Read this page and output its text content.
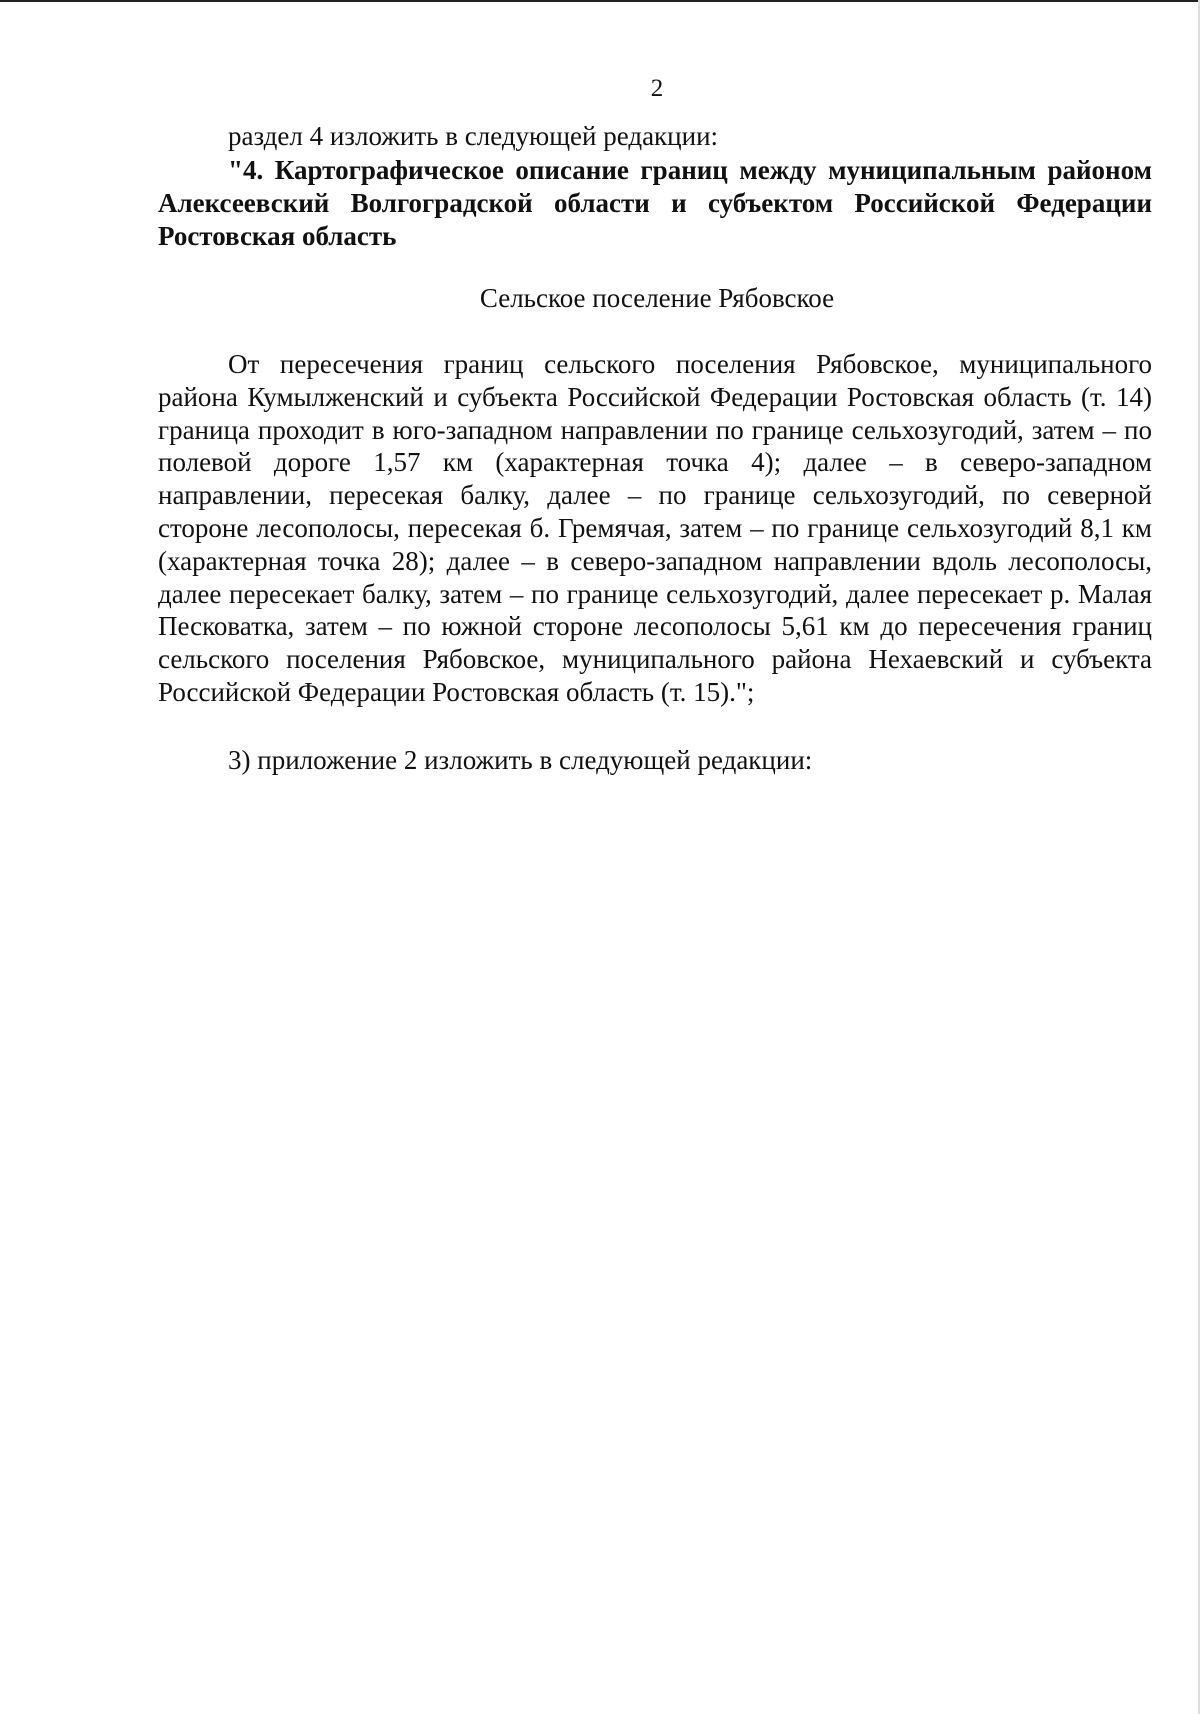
2
раздел 4 изложить в следующей редакции:
"4. Картографическое описание границ между муниципальным районом Алексеевский Волгоградской области и субъектом Российской Федерации Ростовская область
Сельское поселение Рябовское
От пересечения границ сельского поселения Рябовское, муниципального района Кумылженский и субъекта Российской Федерации Ростовская область (т. 14) граница проходит в юго-западном направлении по границе сельхозугодий, затем – по полевой дороге 1,57 км (характерная точка 4); далее – в северо-западном направлении, пересекая балку, далее – по границе сельхозугодий, по северной стороне лесополосы, пересекая б. Гремячая, затем – по границе сельхозугодий 8,1 км (характерная точка 28); далее – в северо-западном направлении вдоль лесополосы, далее пересекает балку, затем – по границе сельхозугодий, далее пересекает р. Малая Песковатка, затем – по южной стороне лесополосы 5,61 км до пересечения границ сельского поселения Рябовское, муниципального района Нехаевский и субъекта Российской Федерации Ростовская область (т. 15).";
3) приложение 2 изложить в следующей редакции:
